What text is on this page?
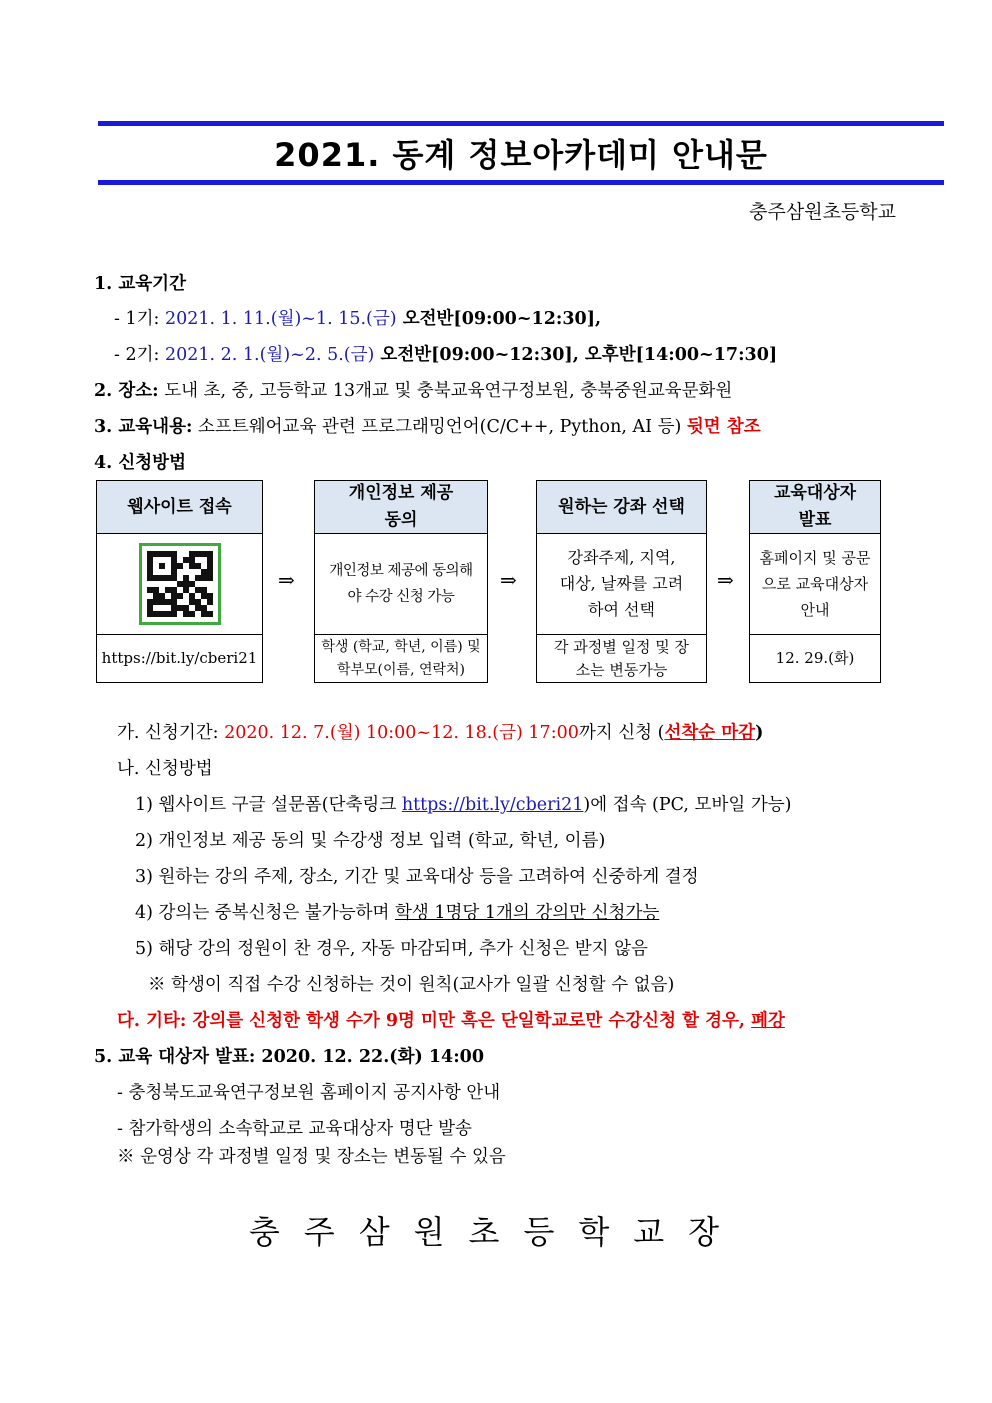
2021. 동계 정보아카데미 안내문
충주삼원초등학교
1. 교육기간
- 1기: 2021. 1. 11.(월)~1. 15.(금) 오전반[09:00~12:30],
- 2기: 2021. 2. 1.(월)~2. 5.(금) 오전반[09:00~12:30], 오후반[14:00~17:30]
2. 장소: 도내 초, 중, 고등학교 13개교 및 충북교육연구정보원, 충북중원교육문화원
3. 교육내용: 소프트웨어교육 관련 프로그래밍언어(C/C++, Python, AI 등) 뒷면 참조
4. 신청방법
웹사이트 접속
https://bit.ly/cberi21
⇒
개인정보 제공 동의
개인정보 제공에 동의해야 수강 신청 가능
학생 (학교, 학년, 이름) 및 학부모(이름, 연락처)
⇒
원하는 강좌 선택
강좌주제, 지역, 대상, 날짜를 고려하여 선택
각 과정별 일정 및 장소는 변동가능
⇒
교육대상자 발표
홈페이지 및 공문으로 교육대상자 안내
12. 29.(화)
가. 신청기간: 2020. 12. 7.(월) 10:00~12. 18.(금) 17:00까지 신청 (선착순 마감)
나. 신청방법
1) 웹사이트 구글 설문폼(단축링크 https://bit.ly/cberi21)에 접속 (PC, 모바일 가능)
2) 개인정보 제공 동의 및 수강생 정보 입력 (학교, 학년, 이름)
3) 원하는 강의 주제, 장소, 기간 및 교육대상 등을 고려하여 신중하게 결정
4) 강의는 중복신청은 불가능하며 학생 1명당 1개의 강의만 신청가능
5) 해당 강의 정원이 찬 경우, 자동 마감되며, 추가 신청은 받지 않음
※ 학생이 직접 수강 신청하는 것이 원칙(교사가 일괄 신청할 수 없음)
다. 기타: 강의를 신청한 학생 수가 9명 미만 혹은 단일학교로만 수강신청 할 경우, 폐강
5. 교육 대상자 발표: 2020. 12. 22.(화) 14:00
- 충청북도교육연구정보원 홈페이지 공지사항 안내
- 참가학생의 소속학교로 교육대상자 명단 발송
※ 운영상 각 과정별 일정 및 장소는 변동될 수 있음
충주삼원초등학교장
